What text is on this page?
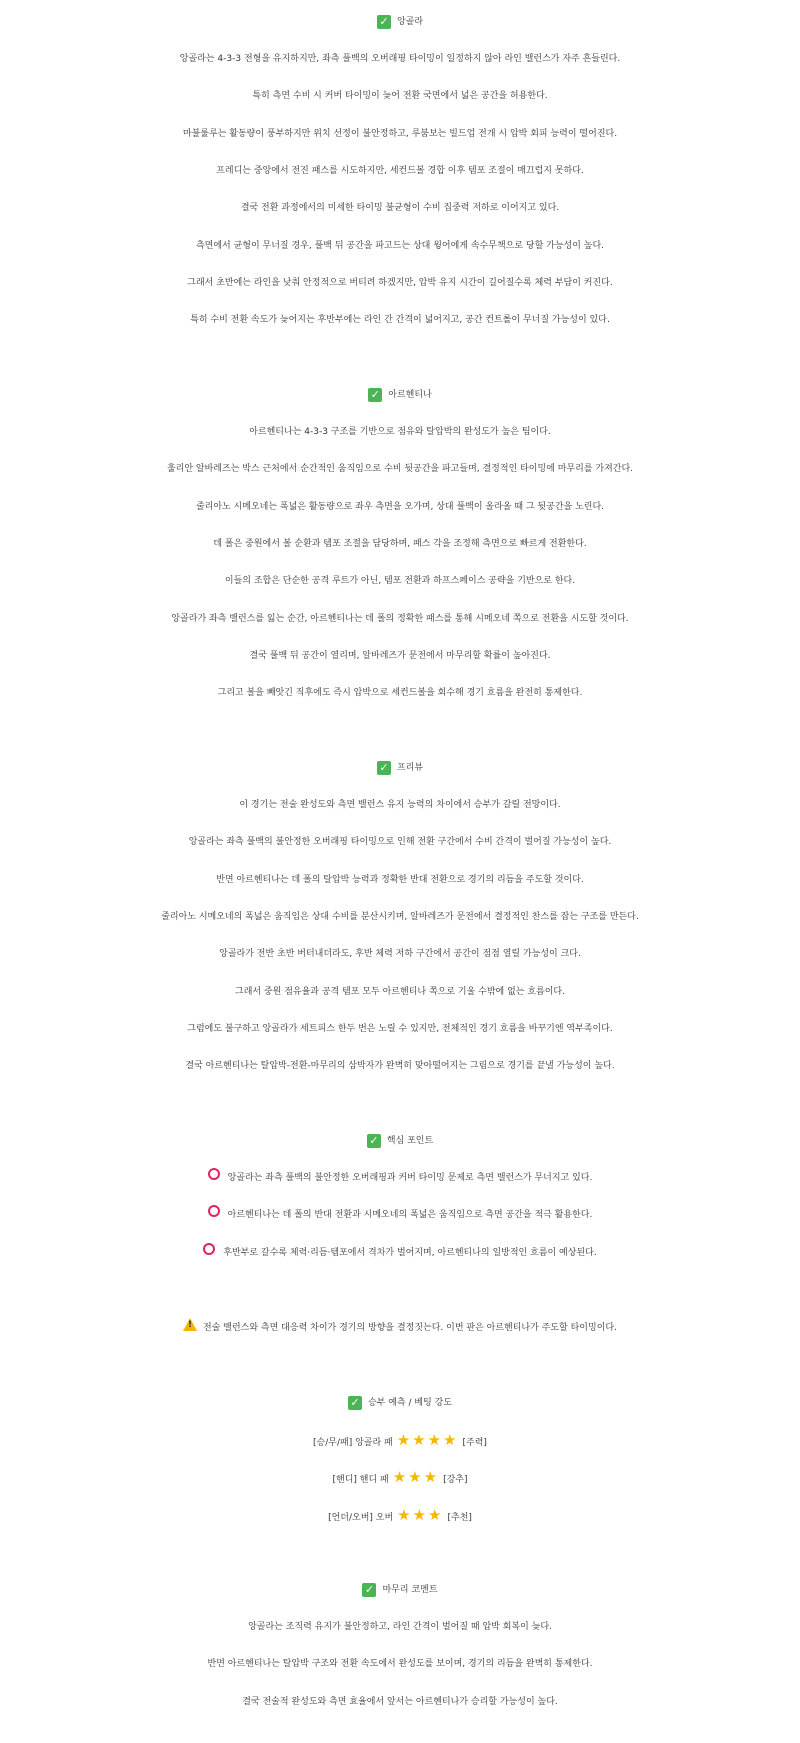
✓ 앙골라
앙골라는 4-3-3 전형을 유지하지만, 좌측 풀백의 오버래핑 타이밍이 일정하지 않아 라인 밸런스가 자주 흔들린다.
특히 측면 수비 시 커버 타이밍이 늦어 전환 국면에서 넓은 공간을 허용한다.
마불룰루는 활동량이 풍부하지만 위치 선정이 불안정하고, 루붐보는 빌드업 전개 시 압박 회피 능력이 떨어진다.
프레디는 중앙에서 전진 패스를 시도하지만, 세컨드볼 경합 이후 템포 조절이 매끄럽지 못하다.
결국 전환 과정에서의 미세한 타이밍 불균형이 수비 집중력 저하로 이어지고 있다.
측면에서 균형이 무너질 경우, 풀백 뒤 공간을 파고드는 상대 윙어에게 속수무책으로 당할 가능성이 높다.
그래서 초반에는 라인을 낮춰 안정적으로 버티려 하겠지만, 압박 유지 시간이 길어질수록 체력 부담이 커진다.
특히 수비 전환 속도가 늦어지는 후반부에는 라인 간 간격이 넓어지고, 공간 컨트롤이 무너질 가능성이 있다.
✓ 아르헨티나
아르헨티나는 4-3-3 구조를 기반으로 점유와 탈압박의 완성도가 높은 팀이다.
훌리안 알바레즈는 박스 근처에서 순간적인 움직임으로 수비 뒷공간을 파고들며, 결정적인 타이밍에 마무리를 가져간다.
줄리아노 시메오네는 폭넓은 활동량으로 좌우 측면을 오가며, 상대 풀백이 올라올 때 그 뒷공간을 노린다.
데 폴은 중원에서 볼 순환과 템포 조절을 담당하며, 패스 각을 조정해 측면으로 빠르게 전환한다.
이들의 조합은 단순한 공격 루트가 아닌, 템포 전환과 하프스페이스 공략을 기반으로 한다.
앙골라가 좌측 밸런스를 잃는 순간, 아르헨티나는 데 폴의 정확한 패스를 통해 시메오네 쪽으로 전환을 시도할 것이다.
결국 풀백 뒤 공간이 열리며, 알바레즈가 문전에서 마무리할 확률이 높아진다.
그리고 볼을 빼앗긴 직후에도 즉시 압박으로 세컨드볼을 회수해 경기 흐름을 완전히 통제한다.
✓ 프리뷰
이 경기는 전술 완성도와 측면 밸런스 유지 능력의 차이에서 승부가 갈릴 전망이다.
앙골라는 좌측 풀백의 불안정한 오버래핑 타이밍으로 인해 전환 구간에서 수비 간격이 벌어질 가능성이 높다.
반면 아르헨티나는 데 폴의 탈압박 능력과 정확한 반대 전환으로 경기의 리듬을 주도할 것이다.
줄리아노 시메오네의 폭넓은 움직임은 상대 수비를 분산시키며, 알바레즈가 문전에서 결정적인 찬스를 잡는 구조를 만든다.
앙골라가 전반 초반 버터내더라도, 후반 체력 저하 구간에서 공간이 점점 열릴 가능성이 크다.
그래서 중원 점유율과 공격 템포 모두 아르헨티나 쪽으로 기울 수밖에 없는 흐름이다.
그럼에도 불구하고 앙골라가 세트피스 한두 번은 노릴 수 있지만, 전체적인 경기 흐름을 바꾸기엔 역부족이다.
결국 아르헨티나는 탈압박-전환-마무리의 삼박자가 완벽히 맞아떨어지는 그림으로 경기를 끝낼 가능성이 높다.
✓ 핵심 포인트
앙골라는 좌측 풀백의 불안정한 오버래핑과 커버 타이밍 문제로 측면 밸런스가 무너지고 있다.
아르헨티나는 데 폴의 반대 전환과 시메오네의 폭넓은 움직임으로 측면 공간을 적극 활용한다.
후반부로 갈수록 체력·리듬·템포에서 격차가 벌어지며, 아르헨티나의 일방적인 흐름이 예상된다.
!전술 밸런스와 측면 대응력 차이가 경기의 방향을 결정짓는다. 이번 판은 아르헨티나가 주도할 타이밍이다.
✓ 승부 예측 / 베팅 강도
[승/무/패] 앙골라 패 ★★★★ [주력]
[핸디] 핸디 패 ★★★ [강추]
[언더/오버] 오버 ★★★ [추천]
✓ 마무리 코멘트
앙골라는 조직력 유지가 불안정하고, 라인 간격이 벌어질 때 압박 회복이 늦다.
반면 아르헨티나는 탈압박 구조와 전환 속도에서 완성도를 보이며, 경기의 리듬을 완벽히 통제한다.
결국 전술적 완성도와 측면 효율에서 앞서는 아르헨티나가 승리할 가능성이 높다.
